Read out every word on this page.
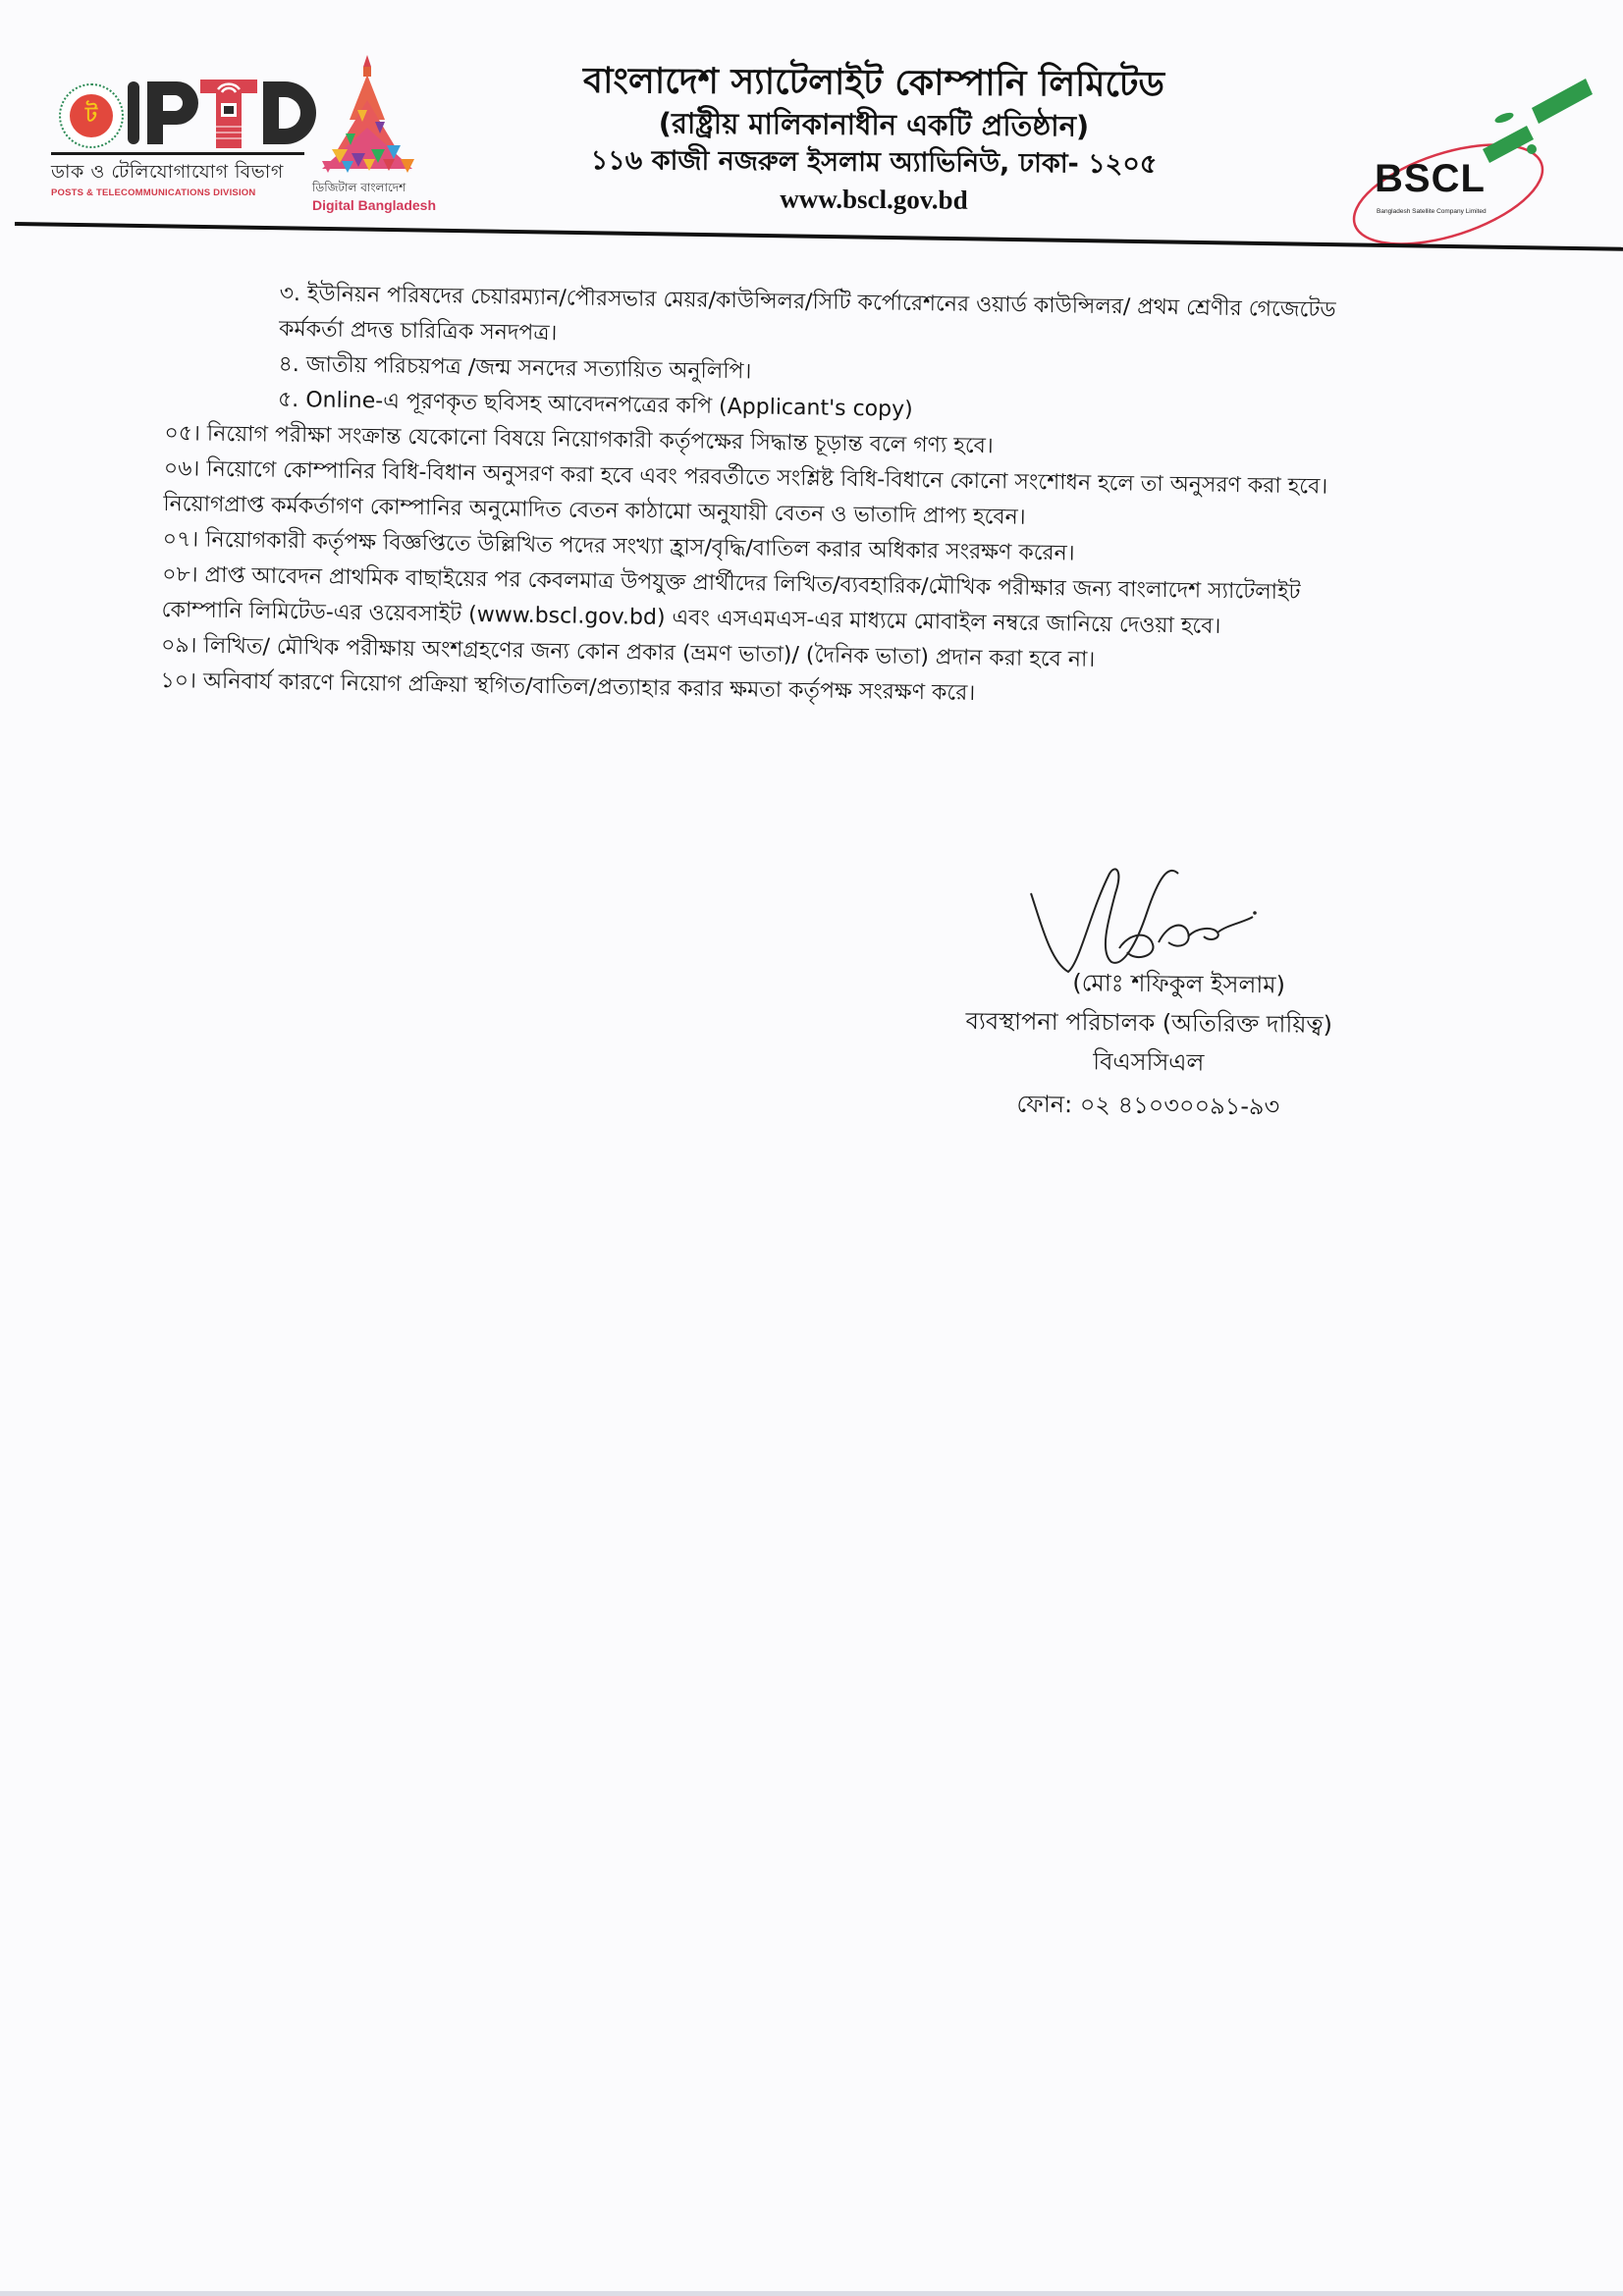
ট
ডাক ও টেলিযোগাযোগ বিভাগ
POSTS & TELECOMMUNICATIONS DIVISION	ডিজিটাল বাংলাদেশ
Digital Bangladesh
বাংলাদেশ স্যাটেলাইট কোম্পানি লিমিটেড
(রাষ্ট্রীয় মালিকানাধীন একটি প্রতিষ্ঠান)
১১৬ কাজী নজরুল ইসলাম অ্যাভিনিউ, ঢাকা- ১২০৫
www.bscl.gov.bd	BSCL
Bangladesh Satellite Company Limited
৩. ইউনিয়ন পরিষদের চেয়ারম্যান/পৌরসভার মেয়র/কাউন্সিলর/সিটি কর্পোরেশনের ওয়ার্ড কাউন্সিলর/ প্রথম শ্রেণীর গেজেটেড
কর্মকর্তা প্রদত্ত চারিত্রিক সনদপত্র।
৪. জাতীয় পরিচয়পত্র /জন্ম সনদের সত্যায়িত অনুলিপি।
৫. Online-এ পূরণকৃত ছবিসহ আবেদনপত্রের কপি (Applicant's copy)
০৫। নিয়োগ পরীক্ষা সংক্রান্ত যেকোনো বিষয়ে নিয়োগকারী কর্তৃপক্ষের সিদ্ধান্ত চূড়ান্ত বলে গণ্য হবে।
০৬। নিয়োগে কোম্পানির বিধি-বিধান অনুসরণ করা হবে এবং পরবর্তীতে সংশ্লিষ্ট বিধি-বিধানে কোনো সংশোধন হলে তা অনুসরণ করা হবে।
নিয়োগপ্রাপ্ত কর্মকর্তাগণ কোম্পানির অনুমোদিত বেতন কাঠামো অনুযায়ী বেতন ও ভাতাদি প্রাপ্য হবেন।
০৭। নিয়োগকারী কর্তৃপক্ষ বিজ্ঞপ্তিতে উল্লিখিত পদের সংখ্যা হ্রাস/বৃদ্ধি/বাতিল করার অধিকার সংরক্ষণ করেন।
০৮। প্রাপ্ত আবেদন প্রাথমিক বাছাইয়ের পর কেবলমাত্র উপযুক্ত প্রার্থীদের লিখিত/ব্যবহারিক/মৌখিক পরীক্ষার জন্য বাংলাদেশ স্যাটেলাইট
কোম্পানি লিমিটেড-এর ওয়েবসাইট (www.bscl.gov.bd) এবং এসএমএস-এর মাধ্যমে মোবাইল নম্বরে জানিয়ে দেওয়া হবে।
০৯। লিখিত/ মৌখিক পরীক্ষায় অংশগ্রহণের জন্য কোন প্রকার (ভ্রমণ ভাতা)/ (দৈনিক ভাতা) প্রদান করা হবে না।
১০। অনিবার্য কারণে নিয়োগ প্রক্রিয়া স্থগিত/বাতিল/প্রত্যাহার করার ক্ষমতা কর্তৃপক্ষ সংরক্ষণ করে।
(মোঃ শফিকুল ইসলাম)
ব্যবস্থাপনা পরিচালক (অতিরিক্ত দায়িত্ব)
বিএসসিএল
ফোন: ০২ ৪১০৩০০৯১-৯৩
